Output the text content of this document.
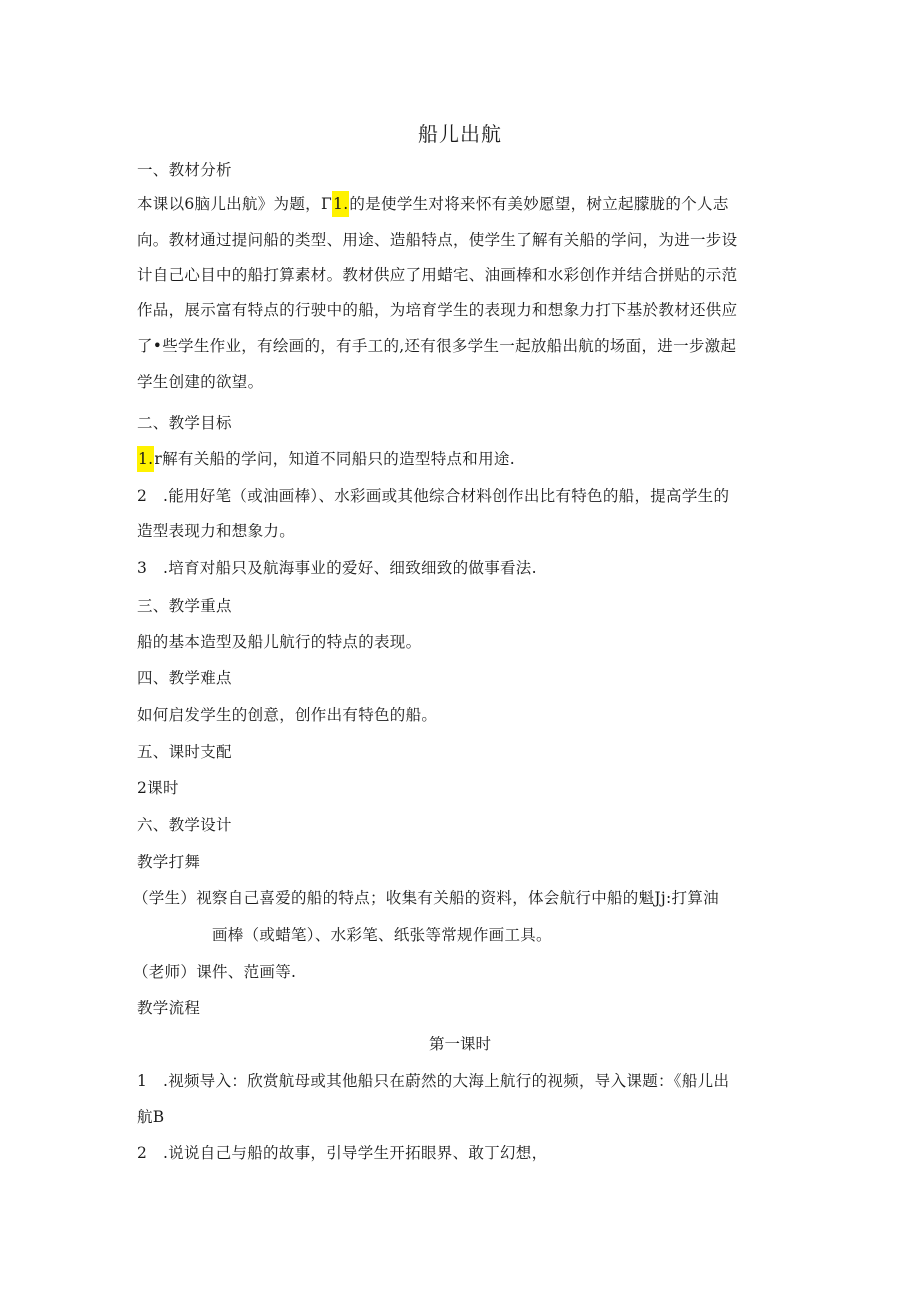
船儿出航
一、教材分析
本课以6脑儿出航》为题，Γ1.的是使学生对将来怀有美妙愿望，树立起朦胧的个人志
向。教材通过提问船的类型、用途、造船特点，使学生了解有关船的学问，为进一步设
计自己心目中的船打算素材。教材供应了用蜡宅、油画棒和水彩创作并结合拼贴的示范
作品，展示富有特点的行驶中的船，为培育学生的表现力和想象力打下基於教材还供应
了•些学生作业，有绘画的，有手工的,还有很多学生一起放船出航的场面，进一步激起
学生创建的欲望。
二、教学目标
1.r解有关船的学问，知道不同船只的造型特点和用途.
2　.能用好笔（或油画棒）、水彩画或其他综合材料创作出比有特色的船，提高学生的
造型表现力和想象力。
3　.培育对船只及航海事业的爱好、细致细致的做事看法.
三、教学重点
船的基本造型及船儿航行的特点的表现。
四、教学难点
如何启发学生的创意，创作出有特色的船。
五、课时支配
2课时
六、教学设计
教学打舞
（学生）视察自己喜爱的船的特点；收集有关船的资料，体会航行中船的魁Jj:打算油
画棒（或蜡笔）、水彩笔、纸张等常规作画工具。
（老师）课件、范画等.
教学流程
第一课时
1　.视频导入：欣赏航母或其他船只在蔚然的大海上航行的视频，导入课题：《船儿出
航B
2　.说说自己与船的故事，引导学生开拓眼界、敢丁幻想，
